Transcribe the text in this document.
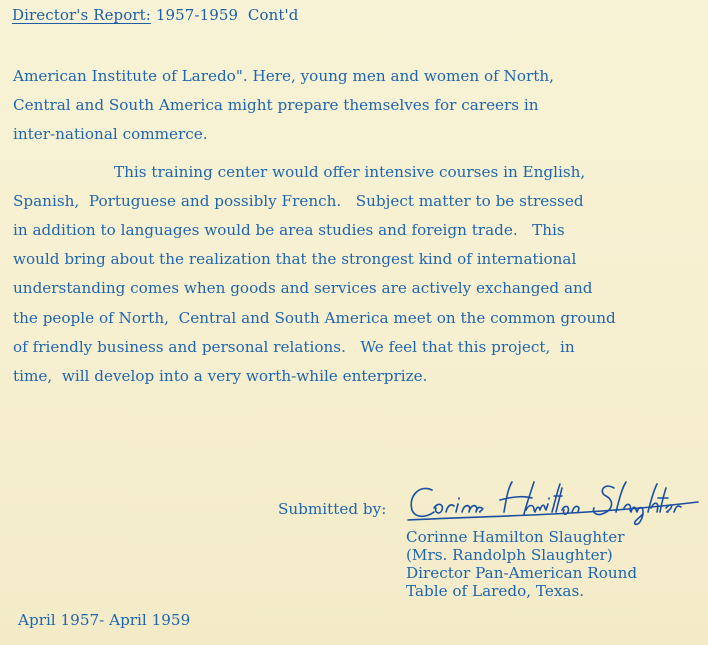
Director's Report: 1957-1959  Cont'd
American Institute of Laredo". Here, young men and women of North,
Central and South America might prepare themselves for careers in
inter-national commerce.
This training center would offer intensive courses in English,
Spanish,  Portuguese and possibly French.   Subject matter to be stressed
in addition to languages would be area studies and foreign trade.   This
would bring about the realization that the strongest kind of international
understanding comes when goods and services are actively exchanged and
the people of North,  Central and South America meet on the common ground
of friendly business and personal relations.   We feel that this project,  in
time,  will develop into a very worth-while enterprize.
Submitted by:
Corinne Hamilton Slaughter
(Mrs. Randolph Slaughter)
Director Pan-American Round
Table of Laredo, Texas.
April 1957- April 1959
